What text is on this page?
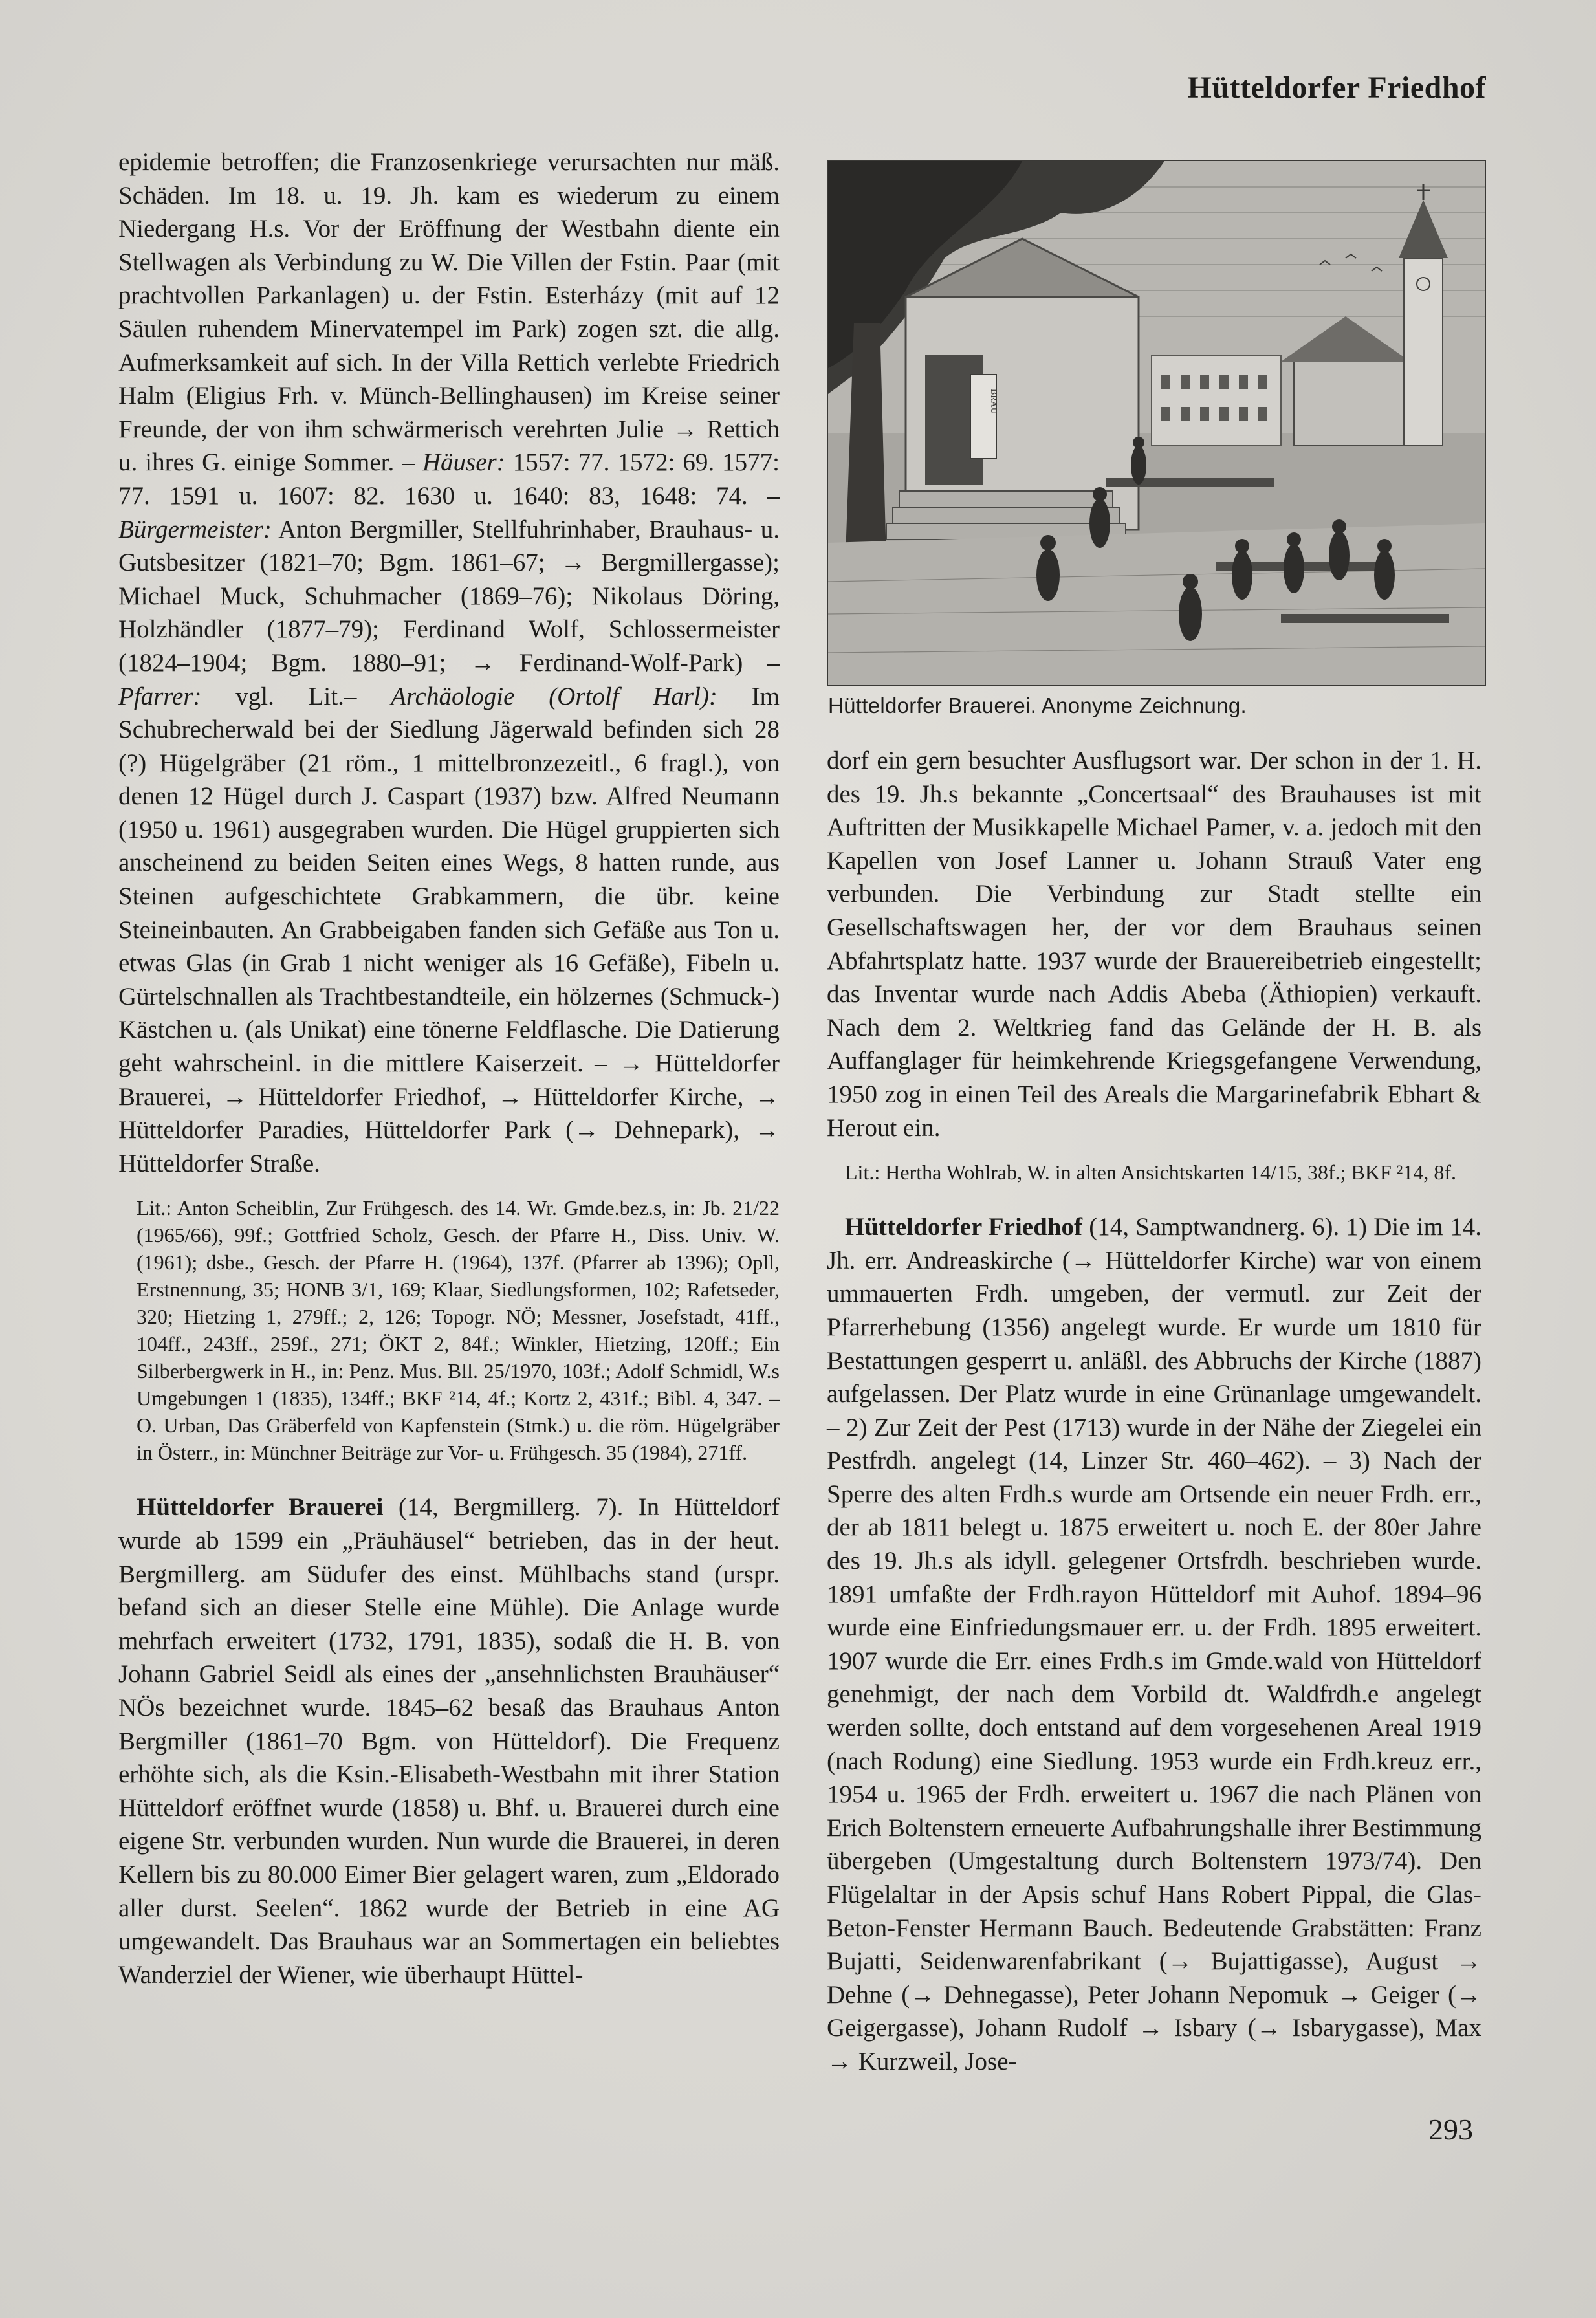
Hütteldorfer Friedhof

epidemie betroffen; die Franzosenkriege verursachten nur mäß. Schäden. Im 18. u. 19. Jh. kam es wiederum zu einem Niedergang H.s. Vor der Eröffnung der Westbahn diente ein Stellwagen als Verbindung zu W. Die Villen der Fstin. Paar (mit prachtvollen Parkanlagen) u. der Fstin. Esterházy (mit auf 12 Säulen ruhendem Minervatempel im Park) zogen szt. die allg. Aufmerksamkeit auf sich. In der Villa Rettich verlebte Friedrich Halm (Eligius Frh. v. Münch-Bellinghausen) im Kreise seiner Freunde, der von ihm schwärmerisch verehrten Julie → Rettich u. ihres G. einige Sommer. – Häuser: 1557: 77. 1572: 69. 1577: 77. 1591 u. 1607: 82. 1630 u. 1640: 83, 1648: 74. – Bürgermeister: Anton Bergmiller, Stellfuhrinhaber, Brauhaus- u. Gutsbesitzer (1821–70; Bgm. 1861–67; → Bergmillergasse); Michael Muck, Schuhmacher (1869–76); Nikolaus Döring, Holzhändler (1877–79); Ferdinand Wolf, Schlossermeister (1824–1904; Bgm. 1880–91; → Ferdinand-Wolf-Park) – Pfarrer: vgl. Lit.– Archäologie (Ortolf Harl): Im Schubrecherwald bei der Siedlung Jägerwald befinden sich 28 (?) Hügelgräber (21 röm., 1 mittelbronzezeitl., 6 fragl.), von denen 12 Hügel durch J. Caspart (1937) bzw. Alfred Neumann (1950 u. 1961) ausgegraben wurden. Die Hügel gruppierten sich anscheinend zu beiden Seiten eines Wegs, 8 hatten runde, aus Steinen aufgeschichtete Grabkammern, die übr. keine Steineinbauten. An Grabbeigaben fanden sich Gefäße aus Ton u. etwas Glas (in Grab 1 nicht weniger als 16 Gefäße), Fibeln u. Gürtelschnallen als Trachtbestandteile, ein hölzernes (Schmuck-) Kästchen u. (als Unikat) eine tönerne Feldflasche. Die Datierung geht wahrscheinl. in die mittlere Kaiserzeit. – → Hütteldorfer Brauerei, → Hütteldorfer Friedhof, → Hütteldorfer Kirche, → Hütteldorfer Paradies, Hütteldorfer Park (→ Dehnepark), → Hütteldorfer Straße.

Lit.: Anton Scheiblin, Zur Frühgesch. des 14. Wr. Gmde.bez.s, in: Jb. 21/22 (1965/66), 99f.; Gottfried Scholz, Gesch. der Pfarre H., Diss. Univ. W. (1961); dsbe., Gesch. der Pfarre H. (1964), 137f. (Pfarrer ab 1396); Opll, Erstnennung, 35; HONB 3/1, 169; Klaar, Siedlungsformen, 102; Rafetseder, 320; Hietzing 1, 279ff.; 2, 126; Topogr. NÖ; Messner, Josefstadt, 41ff., 104ff., 243ff., 259f., 271; ÖKT 2, 84f.; Winkler, Hietzing, 120ff.; Ein Silberbergwerk in H., in: Penz. Mus. Bll. 25/1970, 103f.; Adolf Schmidl, W.s Umgebungen 1 (1835), 134ff.; BKF ²14, 4f.; Kortz 2, 431f.; Bibl. 4, 347. – O. Urban, Das Gräberfeld von Kapfenstein (Stmk.) u. die röm. Hügelgräber in Österr., in: Münchner Beiträge zur Vor- u. Frühgesch. 35 (1984), 271ff.

Hütteldorfer Brauerei (14, Bergmillerg. 7). In Hütteldorf wurde ab 1599 ein „Präuhäusel“ betrieben, das in der heut. Bergmillerg. am Südufer des einst. Mühlbachs stand (urspr. befand sich an dieser Stelle eine Mühle). Die Anlage wurde mehrfach erweitert (1732, 1791, 1835), sodaß die H. B. von Johann Gabriel Seidl als eines der „ansehnlichsten Brauhäuser“ NÖs bezeichnet wurde. 1845–62 besaß das Brauhaus Anton Bergmiller (1861–70 Bgm. von Hütteldorf). Die Frequenz erhöhte sich, als die Ksin.-Elisabeth-Westbahn mit ihrer Station Hütteldorf eröffnet wurde (1858) u. Bhf. u. Brauerei durch eine eigene Str. verbunden wurden. Nun wurde die Brauerei, in deren Kellern bis zu 80.000 Eimer Bier gelagert waren, zum „Eldorado aller durst. Seelen“. 1862 wurde der Betrieb in eine AG umgewandelt. Das Brauhaus war an Sommertagen ein beliebtes Wanderziel der Wiener, wie überhaupt Hüttel-

BRAU
Hütteldorfer Brauerei. Anonyme Zeichnung.

dorf ein gern besuchter Ausflugsort war. Der schon in der 1. H. des 19. Jh.s bekannte „Concertsaal“ des Brauhauses ist mit Auftritten der Musikkapelle Michael Pamer, v. a. jedoch mit den Kapellen von Josef Lanner u. Johann Strauß Vater eng verbunden. Die Verbindung zur Stadt stellte ein Gesellschaftswagen her, der vor dem Brauhaus seinen Abfahrtsplatz hatte. 1937 wurde der Brauereibetrieb eingestellt; das Inventar wurde nach Addis Abeba (Äthiopien) verkauft. Nach dem 2. Weltkrieg fand das Gelände der H. B. als Auffanglager für heimkehrende Kriegsgefangene Verwendung, 1950 zog in einen Teil des Areals die Margarinefabrik Ebhart & Herout ein.

Lit.: Hertha Wohlrab, W. in alten Ansichtskarten 14/15, 38f.; BKF ²14, 8f.

Hütteldorfer Friedhof (14, Samptwandnerg. 6). 1) Die im 14. Jh. err. Andreaskirche (→ Hütteldorfer Kirche) war von einem ummauerten Frdh. umgeben, der vermutl. zur Zeit der Pfarrerhebung (1356) angelegt wurde. Er wurde um 1810 für Bestattungen gesperrt u. anläßl. des Abbruchs der Kirche (1887) aufgelassen. Der Platz wurde in eine Grünanlage umgewandelt. – 2) Zur Zeit der Pest (1713) wurde in der Nähe der Ziegelei ein Pestfrdh. angelegt (14, Linzer Str. 460–462). – 3) Nach der Sperre des alten Frdh.s wurde am Ortsende ein neuer Frdh. err., der ab 1811 belegt u. 1875 erweitert u. noch E. der 80er Jahre des 19. Jh.s als idyll. gelegener Ortsfrdh. beschrieben wurde. 1891 umfaßte der Frdh.rayon Hütteldorf mit Auhof. 1894–96 wurde eine Einfriedungsmauer err. u. der Frdh. 1895 erweitert. 1907 wurde die Err. eines Frdh.s im Gmde.wald von Hütteldorf genehmigt, der nach dem Vorbild dt. Waldfrdh.e angelegt werden sollte, doch entstand auf dem vorgesehenen Areal 1919 (nach Rodung) eine Siedlung. 1953 wurde ein Frdh.kreuz err., 1954 u. 1965 der Frdh. erweitert u. 1967 die nach Plänen von Erich Boltenstern erneuerte Aufbahrungshalle ihrer Bestimmung übergeben (Umgestaltung durch Boltenstern 1973/74). Den Flügelaltar in der Apsis schuf Hans Robert Pippal, die Glas-Beton-Fenster Hermann Bauch. Bedeutende Grabstätten: Franz Bujatti, Seidenwarenfabrikant (→ Bujattigasse), August → Dehne (→ Dehnegasse), Peter Johann Nepomuk → Geiger (→ Geigergasse), Johann Rudolf → Isbary (→ Isbarygasse), Max → Kurzweil, Jose-

293
